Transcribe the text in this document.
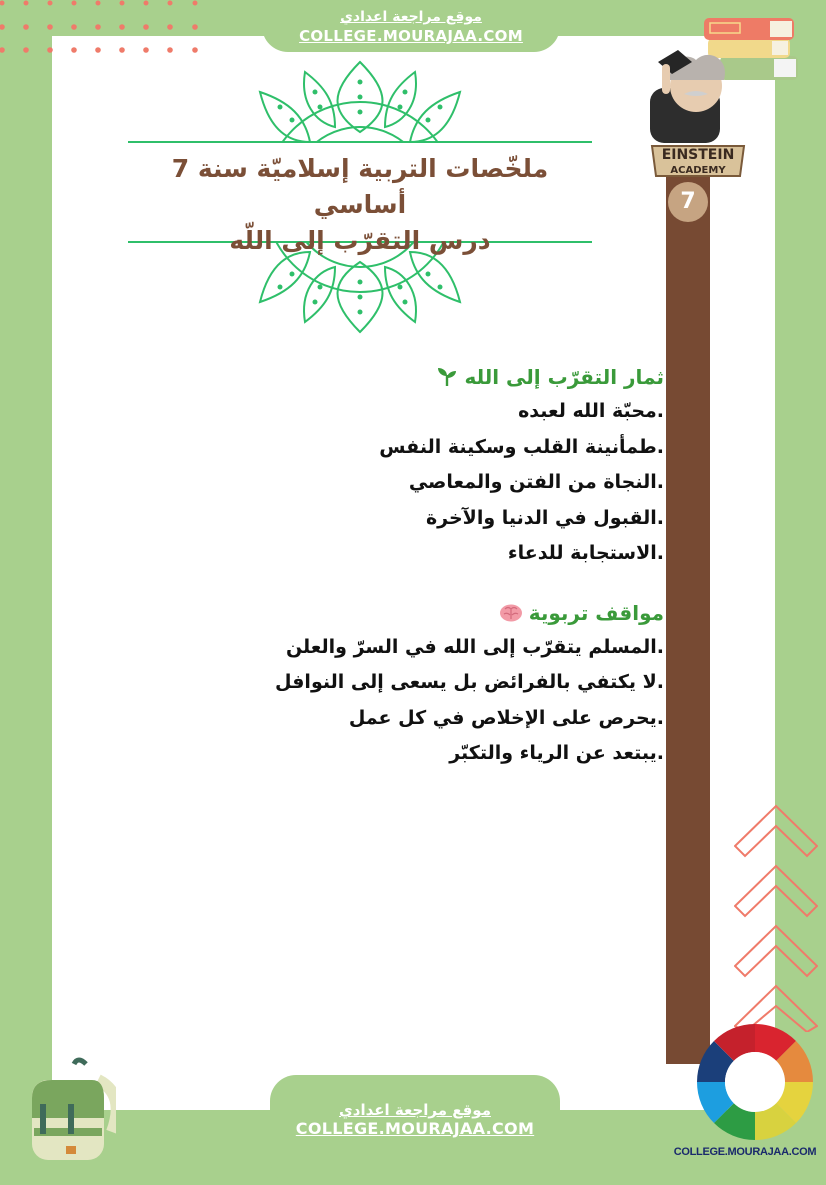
موقع مراجعة اعدادي
COLLEGE.MOURAJAA.COM
ملخّصات التربية إسلاميّة سنة 7 أساسي
درس التقرّب إلى اللّه
EINSTEIN
ACADEMY
7
ثمار التقرّب إلى الله
.محبّة الله لعبده
.طمأنينة القلب وسكينة النفس
.النجاة من الفتن والمعاصي
.القبول في الدنيا والآخرة
.الاستجابة للدعاء
مواقف تربوية
.المسلم يتقرّب إلى الله في السرّ والعلن
.لا يكتفي بالفرائض بل يسعى إلى النوافل
.يحرص على الإخلاص في كل عمل
.يبتعد عن الرياء والتكبّر
COLLEGE.MOURAJAA.COM
موقع مراجعة اعدادي
COLLEGE.MOURAJAA.COM
